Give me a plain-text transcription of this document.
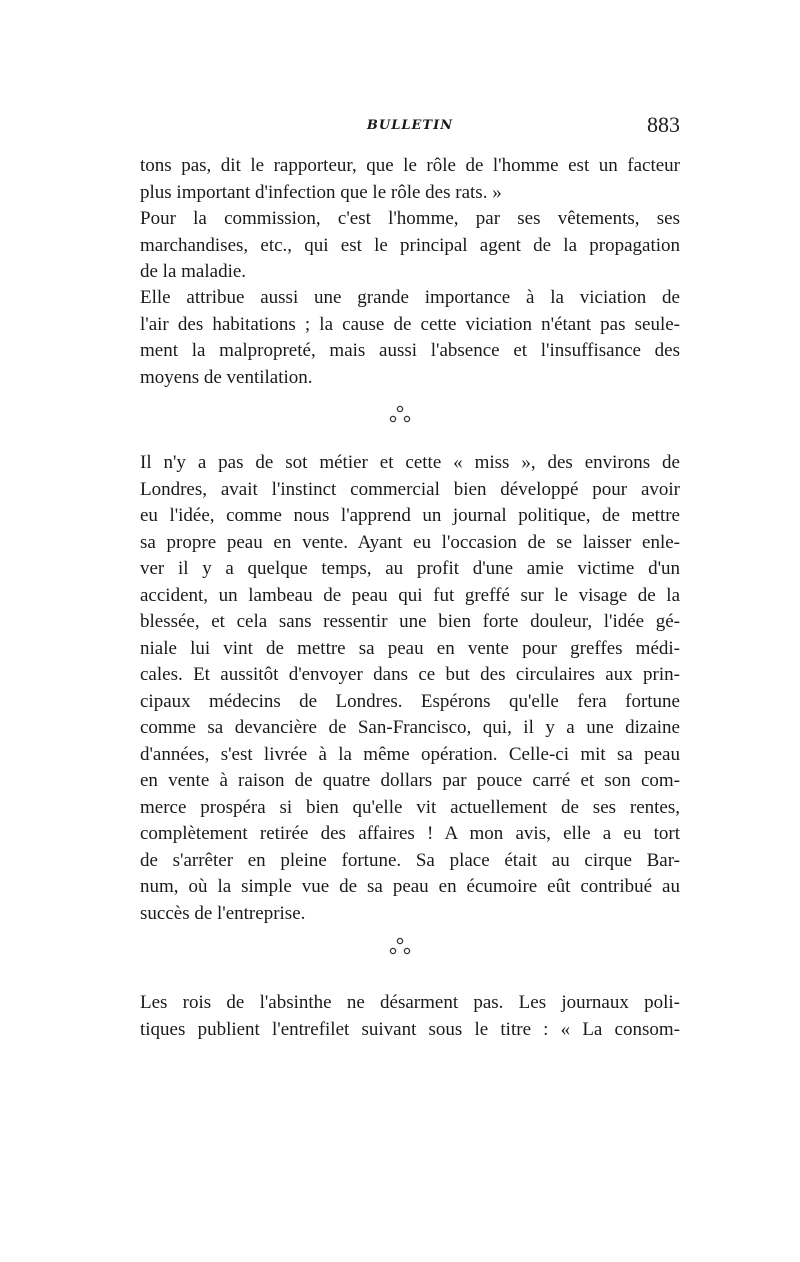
BULLETIN	883
tons pas, dit le rapporteur, que le rôle de l'homme est un facteur
plus important d'infection que le rôle des rats. »
Pour la commission, c'est l'homme, par ses vêtements, ses
marchandises, etc., qui est le principal agent de la propagation
de la maladie.
Elle attribue aussi une grande importance à la viciation de
l'air des habitations ; la cause de cette viciation n'étant pas seule-
ment la malpropreté, mais aussi l'absence et l'insuffisance des
moyens de ventilation.
Il n'y a pas de sot métier et cette « miss », des environs de
Londres, avait l'instinct commercial bien développé pour avoir
eu l'idée, comme nous l'apprend un journal politique, de mettre
sa propre peau en vente. Ayant eu l'occasion de se laisser enle-
ver il y a quelque temps, au profit d'une amie victime d'un
accident, un lambeau de peau qui fut greffé sur le visage de la
blessée, et cela sans ressentir une bien forte douleur, l'idée gé-
niale lui vint de mettre sa peau en vente pour greffes médi-
cales. Et aussitôt d'envoyer dans ce but des circulaires aux prin-
cipaux médecins de Londres. Espérons qu'elle fera fortune
comme sa devancière de San-Francisco, qui, il y a une dizaine
d'années, s'est livrée à la même opération. Celle-ci mit sa peau
en vente à raison de quatre dollars par pouce carré et son com-
merce prospéra si bien qu'elle vit actuellement de ses rentes,
complètement retirée des affaires ! A mon avis, elle a eu tort
de s'arrêter en pleine fortune. Sa place était au cirque Bar-
num, où la simple vue de sa peau en écumoire eût contribué au
succès de l'entreprise.
Les rois de l'absinthe ne désarment pas. Les journaux poli-
tiques publient l'entrefilet suivant sous le titre : « La consom-
